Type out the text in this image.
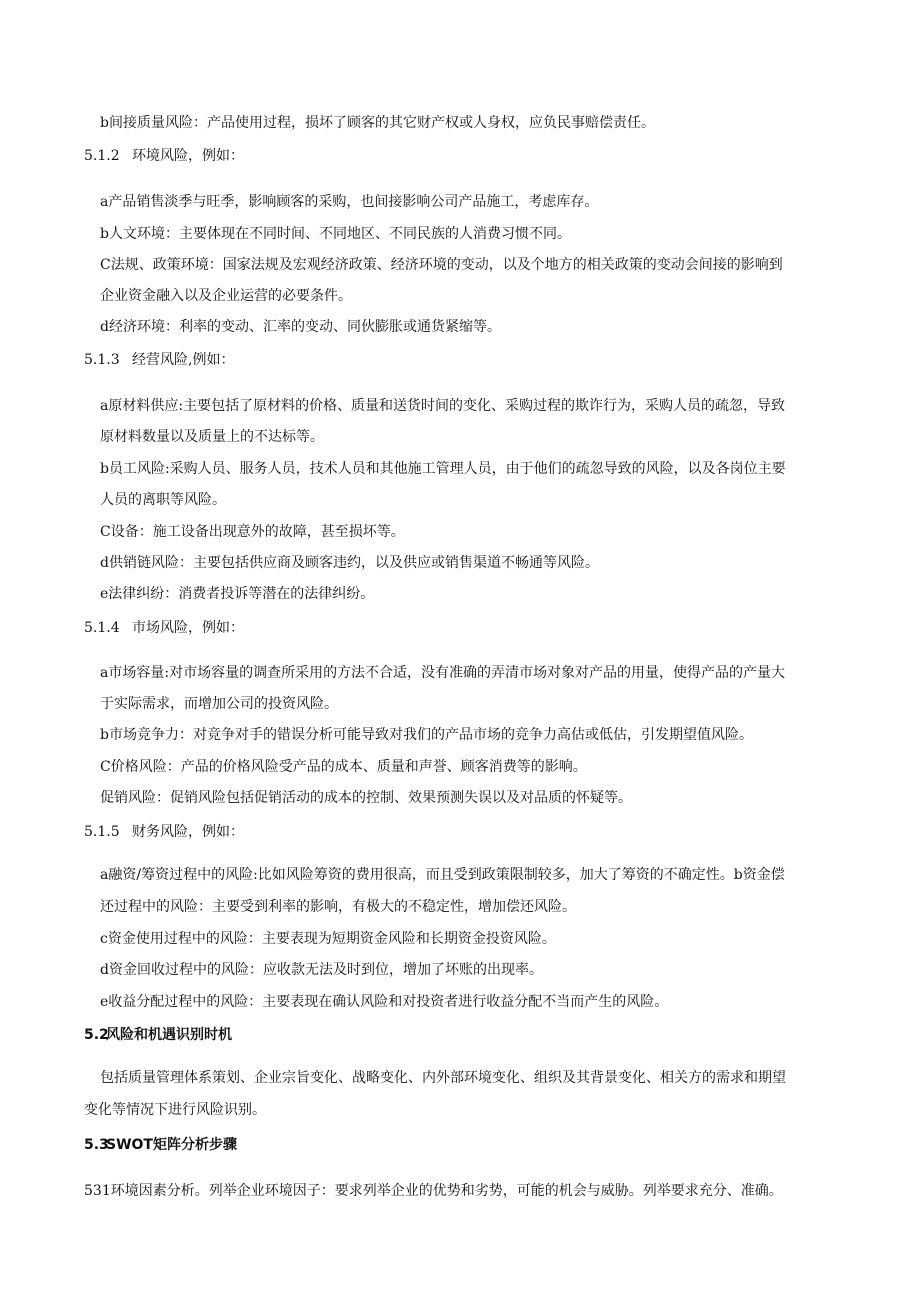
b间接质量风险：产品使用过程，损坏了顾客的其它财产权或人身权，应负民事赔偿责任。
5.1.2 环境风险，例如：
a产品销售淡季与旺季，影响顾客的采购，也间接影响公司产品施工，考虑库存。
b人文环境：主要体现在不同时间、不同地区、不同民族的人消费习惯不同。
C法规、政策环境：国家法规及宏观经济政策、经济环境的变动，以及个地方的相关政策的变动会间接的影响到
企业资金融入以及企业运营的必要条件。
d经济环境：利率的变动、汇率的变动、同伙膨胀或通货紧缩等。
5.1.3 经营风险,例如：
a原材料供应:主要包括了原材料的价格、质量和送货时间的变化、采购过程的欺诈行为，采购人员的疏忽，导致
原材料数量以及质量上的不达标等。
b员工风险:采购人员、服务人员，技术人员和其他施工管理人员，由于他们的疏忽导致的风险，以及各岗位主要
人员的离职等风险。
C设备：施工设备出现意外的故障，甚至损坏等。
d供销链风险：主要包括供应商及顾客违约，以及供应或销售渠道不畅通等风险。
e法律纠纷：消费者投诉等潜在的法律纠纷。
5.1.4 市场风险，例如：
a市场容量:对市场容量的调查所采用的方法不合适，没有准确的弄清市场对象对产品的用量，使得产品的产量大
于实际需求，而增加公司的投资风险。
b市场竞争力：对竞争对手的错误分析可能导致对我们的产品市场的竞争力高估或低估，引发期望值风险。
C价格风险：产品的价格风险受产品的成本、质量和声誉、顾客消费等的影响。
促销风险：促销风险包括促销活动的成本的控制、效果预测失误以及对品质的怀疑等。
5.1.5 财务风险，例如：
a融资/筹资过程中的风险:比如风险筹资的费用很高，而且受到政策限制较多，加大了筹资的不确定性。b资金偿
还过程中的风险：主要受到利率的影响，有极大的不稳定性，增加偿还风险。
c资金使用过程中的风险：主要表现为短期资金风险和长期资金投资风险。
d资金回收过程中的风险：应收款无法及时到位，增加了坏账的出现率。
e收益分配过程中的风险：主要表现在确认风险和对投资者进行收益分配不当而产生的风险。
5.2风险和机遇识别时机
包括质量管理体系策划、企业宗旨变化、战略变化、内外部环境变化、组织及其背景变化、相关方的需求和期望
变化等情况下进行风险识别。
5.3SWOT矩阵分析步骤
531环境因素分析。列举企业环境因子：要求列举企业的优势和劣势，可能的机会与威胁。列举要求充分、准确。
